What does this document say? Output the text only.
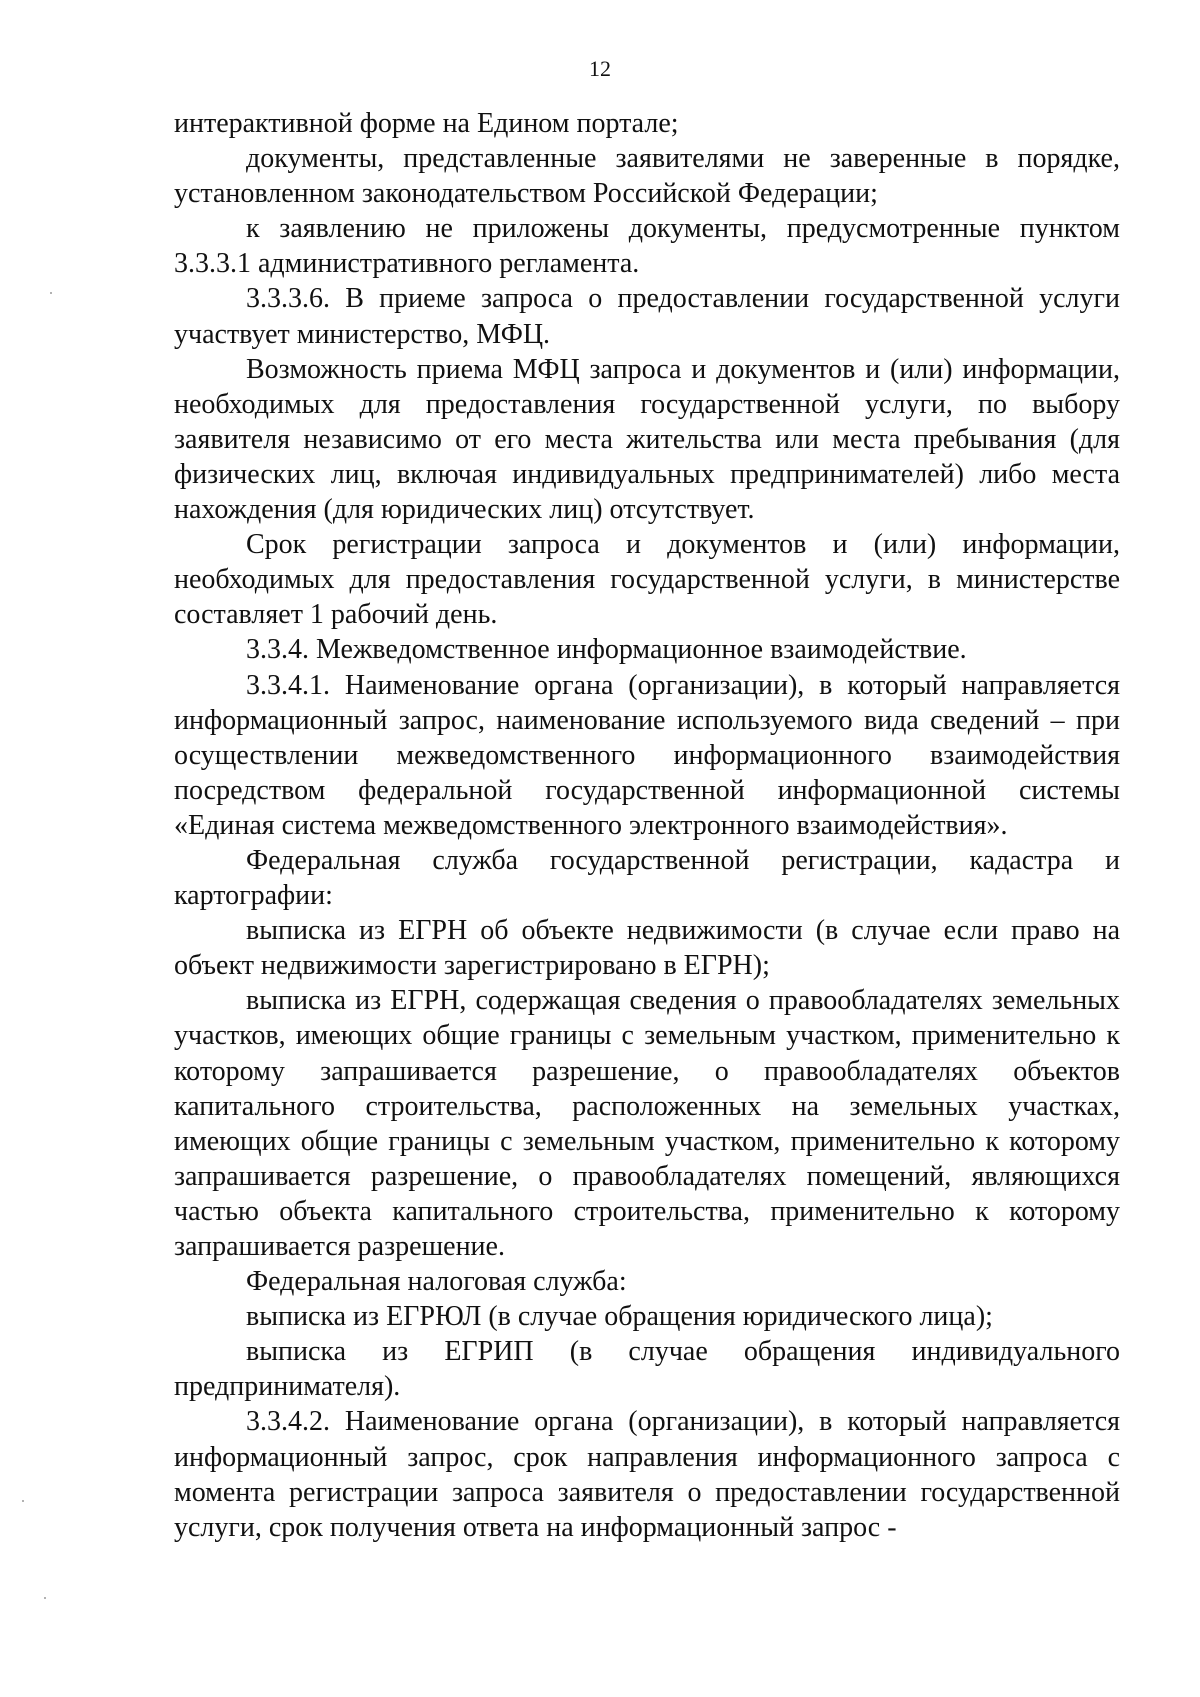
12

интерактивной форме на Едином портале;

документы, представленные заявителями не заверенные в порядке, установленном законодательством Российской Федерации;

к заявлению не приложены документы, предусмотренные пунктом 3.3.3.1 административного регламента.

3.3.3.6. В приеме запроса о предоставлении государственной услуги участвует министерство, МФЦ.

Возможность приема МФЦ запроса и документов и (или) информации, необходимых для предоставления государственной услуги, по выбору заявителя независимо от его места жительства или места пребывания (для физических лиц, включая индивидуальных предпринимателей) либо места нахождения (для юридических лиц) отсутствует.

Срок регистрации запроса и документов и (или) информации, необходимых для предоставления государственной услуги, в министерстве составляет 1 рабочий день.

3.3.4. Межведомственное информационное взаимодействие.

3.3.4.1. Наименование органа (организации), в который направляется информационный запрос, наименование используемого вида сведений – при осуществлении межведомственного информационного взаимодействия посредством федеральной государственной информационной системы «Единая система межведомственного электронного взаимодействия».

Федеральная служба государственной регистрации, кадастра и картографии:

выписка из ЕГРН об объекте недвижимости (в случае если право на объект недвижимости зарегистрировано в ЕГРН);

выписка из ЕГРН, содержащая сведения о правообладателях земельных участков, имеющих общие границы с земельным участком, применительно к которому запрашивается разрешение, о правообладателях объектов капитального строительства, расположенных на земельных участках, имеющих общие границы с земельным участком, применительно к которому запрашивается разрешение, о правообладателях помещений, являющихся частью объекта капитального строительства, применительно к которому запрашивается разрешение.

Федеральная налоговая служба:

выписка из ЕГРЮЛ (в случае обращения юридического лица);

выписка из ЕГРИП (в случае обращения индивидуального предпринимателя).

3.3.4.2. Наименование органа (организации), в который направляется информационный запрос, срок направления информационного запроса с момента регистрации запроса заявителя о предоставлении государственной услуги, срок получения ответа на информационный запрос -
